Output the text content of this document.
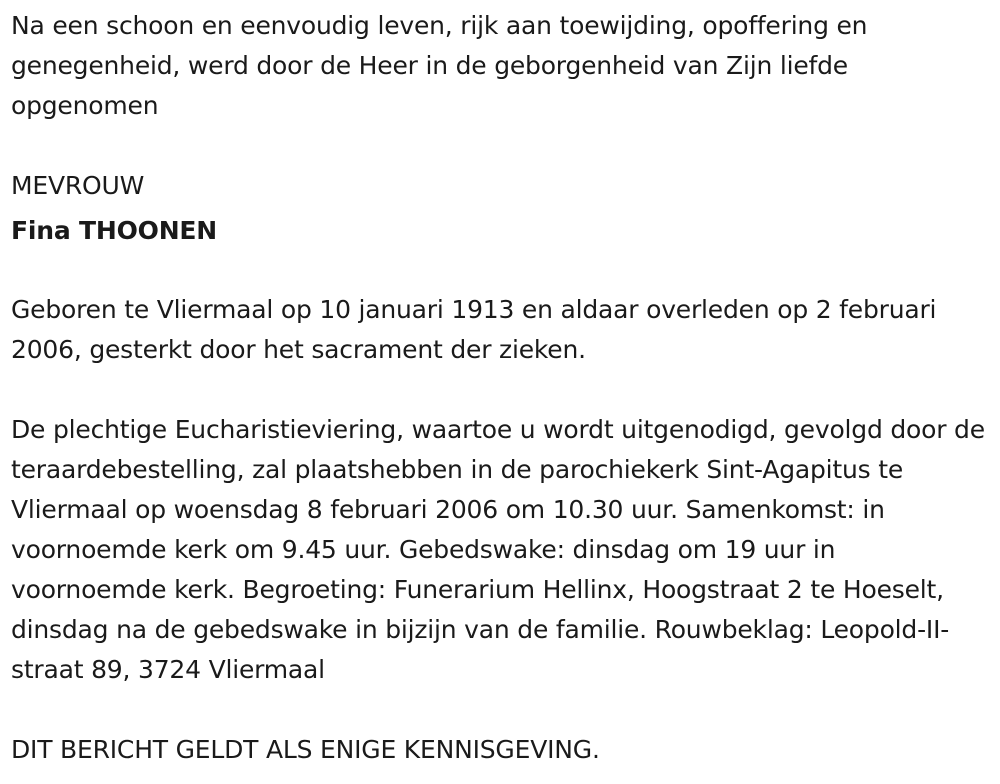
Na een schoon en eenvoudig leven, rijk aan toewijding, opoffering en genegenheid, werd door de Heer in de geborgenheid van Zijn liefde opgenomen

MEVROUW

Fina THOONEN

Geboren te Vliermaal op 10 januari 1913 en aldaar overleden op 2 februari 2006, gesterkt door het sacrament der zieken.

De plechtige Eucharistieviering, waartoe u wordt uitgenodigd, gevolgd door de teraardebestelling, zal plaatshebben in de parochiekerk Sint-Agapitus te Vliermaal op woensdag 8 februari 2006 om 10.30 uur. Samenkomst: in voornoemde kerk om 9.45 uur. Gebedswake: dinsdag om 19 uur in voornoemde kerk. Begroeting: Funerarium Hellinx, Hoogstraat 2 te Hoeselt, dinsdag na de gebedswake in bijzijn van de familie. Rouwbeklag: Leopold-II-straat 89, 3724 Vliermaal

DIT BERICHT GELDT ALS ENIGE KENNISGEVING.
